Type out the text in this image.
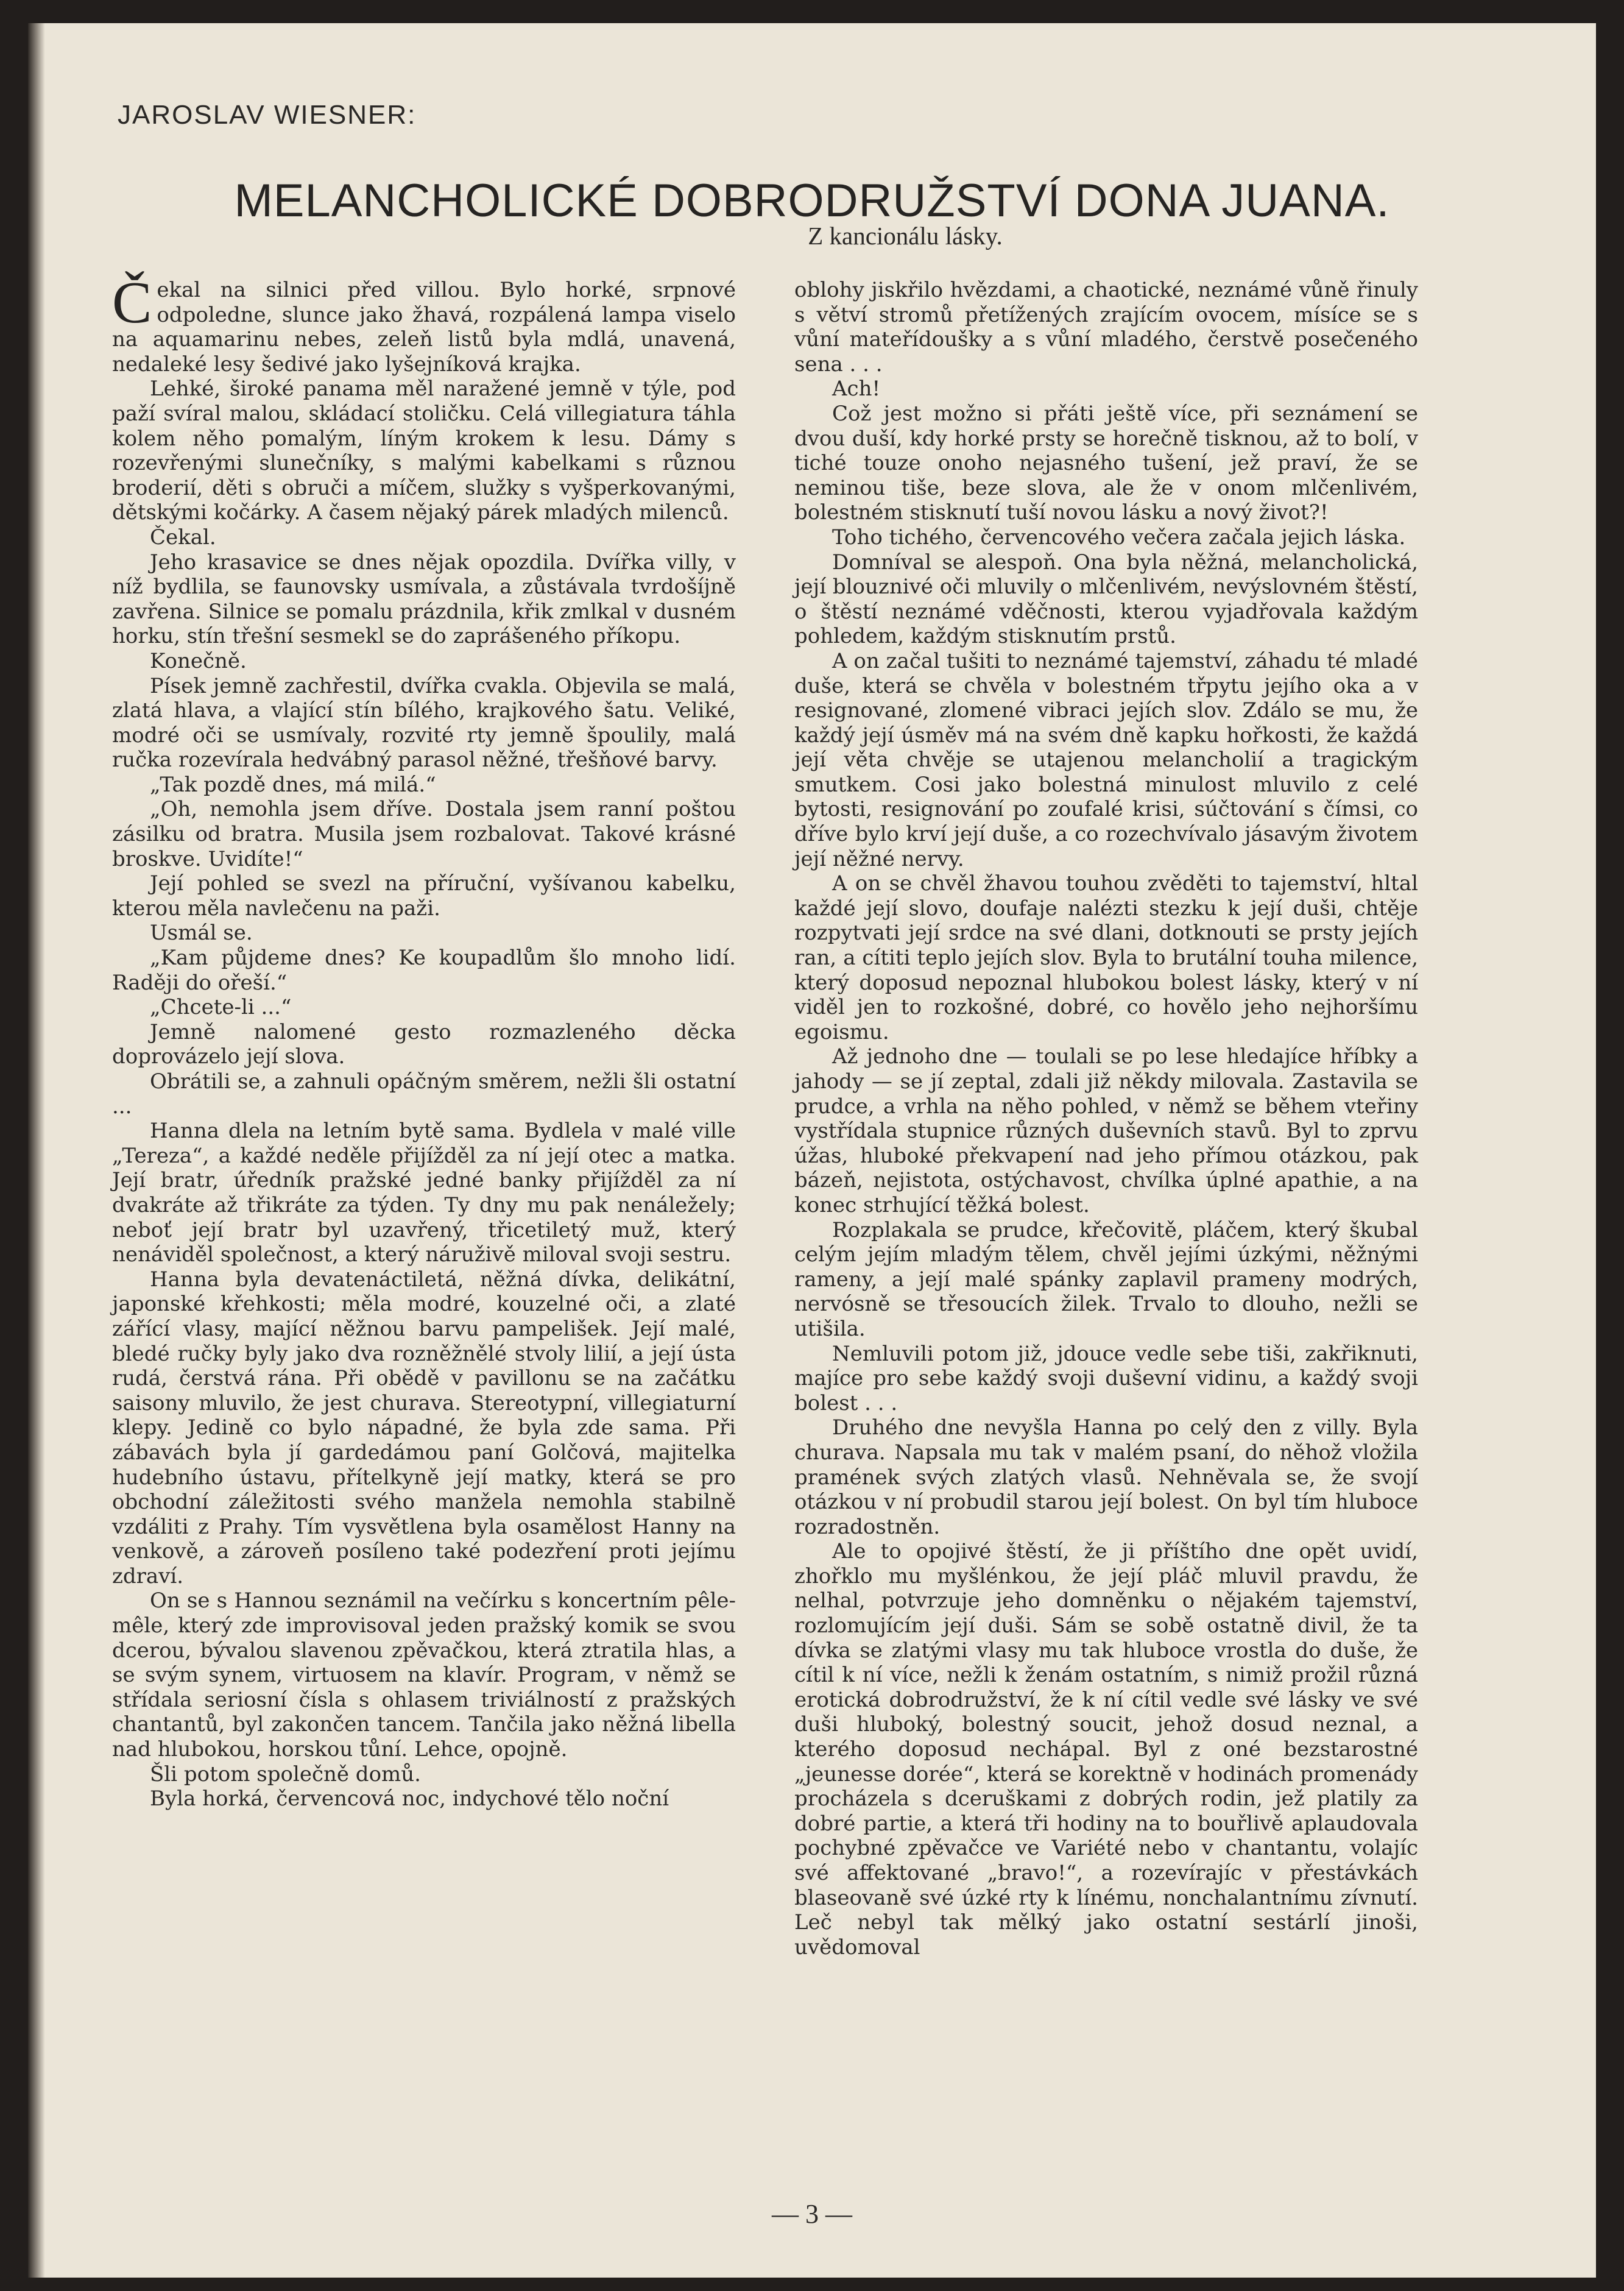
JAROSLAV WIESNER:
MELANCHOLICKÉ DOBRODRUŽSTVÍ DONA JUANA.
Z kancionálu lásky.

Čekal na silnici před villou. Bylo horké, srpnové odpoledne, slunce jako žhavá, rozpálená lampa viselo na aquamarinu nebes, zeleň listů byla mdlá, unavená, nedaleké lesy šedivé jako lyšejníková krajka.

Lehké, široké panama měl naražené jemně v týle, pod paží svíral malou, skládací stoličku. Celá villegiatura táhla kolem něho pomalým, líným krokem k lesu. Dámy s rozevřenými slunečníky, s malými kabelkami s různou broderií, děti s obruči a míčem, služky s vyšperkovanými, dětskými kočárky. A časem nějaký párek mladých milenců.

Čekal.

Jeho krasavice se dnes nějak opozdila. Dvířka villy, v níž bydlila, se faunovsky usmívala, a zůstávala tvrdošíjně zavřena. Silnice se pomalu prázdnila, křik zmlkal v dusném horku, stín třešní sesmekl se do zaprášeného příkopu.

Konečně.

Písek jemně zachřestil, dvířka cvakla. Objevila se malá, zlatá hlava, a vlající stín bílého, krajkového šatu. Veliké, modré oči se usmívaly, rozvité rty jemně špoulily, malá ručka rozevírala hedvábný parasol něžné, třešňové barvy.

„Tak pozdě dnes, má milá.“

„Oh, nemohla jsem dříve. Dostala jsem ranní poštou zásilku od bratra. Musila jsem rozbalovat. Takové krásné broskve. Uvidíte!“

Její pohled se svezl na příruční, vyšívanou kabelku, kterou měla navlečenu na paži.

Usmál se.

„Kam půjdeme dnes? Ke koupadlům šlo mnoho lidí. Raději do ořeší.“

„Chcete-li ...“

Jemně nalomené gesto rozmazleného děcka doprovázelo její slova.

Obrátili se, a zahnuli opáčným směrem, nežli šli ostatní ...

Hanna dlela na letním bytě sama. Bydlela v malé ville „Tereza“, a každé neděle přijížděl za ní její otec a matka. Její bratr, úředník pražské jedné banky přijížděl za ní dvakráte až třikráte za týden. Ty dny mu pak nenáležely; neboť její bratr byl uzavřený, třicetiletý muž, který nenáviděl společnost, a který náruživě miloval svoji sestru.

Hanna byla devatenáctiletá, něžná dívka, delikátní, japonské křehkosti; měla modré, kouzelné oči, a zlaté zářící vlasy, mající něžnou barvu pampelišek. Její malé, bledé ručky byly jako dva rozněžnělé stvoly lilií, a její ústa rudá, čerstvá rána. Při obědě v pavillonu se na začátku saisony mluvilo, že jest churava. Stereotypní, villegiaturní klepy. Jedině co bylo nápadné, že byla zde sama. Při zábavách byla jí gardedámou paní Golčová, majitelka hudebního ústavu, přítelkyně její matky, která se pro obchodní záležitosti svého manžela nemohla stabilně vzdáliti z Prahy. Tím vysvětlena byla osamělost Hanny na venkově, a zároveň posíleno také podezření proti jejímu zdraví.

On se s Hannou seznámil na večírku s koncertním pêle-mêle, který zde improvisoval jeden pražský komik se svou dcerou, bývalou slavenou zpěvačkou, která ztratila hlas, a se svým synem, virtuosem na klavír. Program, v němž se střídala seriosní čísla s ohlasem triviálností z pražských chantantů, byl zakončen tancem. Tančila jako něžná libella nad hlubokou, horskou tůní. Lehce, opojně.

Šli potom společně domů.

Byla horká, červencová noc, indychové tělo noční

oblohy jiskřilo hvězdami, a chaotické, neznámé vůně řinuly s větví stromů přetížených zrajícím ovocem, mísíce se s vůní mateřídoušky a s vůní mladého, čerstvě posečeného sena . . .

Ach!

Což jest možno si přáti ještě více, při seznámení se dvou duší, kdy horké prsty se horečně tisknou, až to bolí, v tiché touze onoho nejasného tušení, jež praví, že se neminou tiše, beze slova, ale že v onom mlčenlivém, bolestném stisknutí tuší novou lásku a nový život?!

Toho tichého, červencového večera začala jejich láska.

Domníval se alespoň. Ona byla něžná, melancholická, její blouznivé oči mluvily o mlčenlivém, nevýslovném štěstí, o štěstí neznámé vděčnosti, kterou vyjadřovala každým pohledem, každým stisknutím prstů.

A on začal tušiti to neznámé tajemství, záhadu té mladé duše, která se chvěla v bolestném třpytu jejího oka a v resignované, zlomené vibraci jejích slov. Zdálo se mu, že každý její úsměv má na svém dně kapku hořkosti, že každá její věta chvěje se utajenou melancholií a tragickým smutkem. Cosi jako bolestná minulost mluvilo z celé bytosti, resignování po zoufalé krisi, súčtování s čímsi, co dříve bylo krví její duše, a co rozechvívalo jásavým životem její něžné nervy.

A on se chvěl žhavou touhou zvěděti to tajemství, hltal každé její slovo, doufaje nalézti stezku k její duši, chtěje rozpytvati její srdce na své dlani, dotknouti se prsty jejích ran, a cítiti teplo jejích slov. Byla to brutální touha milence, který doposud nepoznal hlubokou bolest lásky, který v ní viděl jen to rozkošné, dobré, co hovělo jeho nejhoršímu egoismu.

Až jednoho dne — toulali se po lese hledajíce hříbky a jahody — se jí zeptal, zdali již někdy milovala. Zastavila se prudce, a vrhla na něho pohled, v němž se během vteřiny vystřídala stupnice různých duševních stavů. Byl to zprvu úžas, hluboké překvapení nad jeho přímou otázkou, pak bázeň, nejistota, ostýchavost, chvílka úplné apathie, a na konec strhující těžká bolest.

Rozplakala se prudce, křečovitě, pláčem, který škubal celým jejím mladým tělem, chvěl jejími úzkými, něžnými rameny, a její malé spánky zaplavil prameny modrých, nervósně se třesoucích žilek. Trvalo to dlouho, nežli se utišila.

Nemluvili potom již, jdouce vedle sebe tiši, zakřiknuti, majíce pro sebe každý svoji duševní vidinu, a každý svoji bolest . . .

Druhého dne nevyšla Hanna po celý den z villy. Byla churava. Napsala mu tak v malém psaní, do něhož vložila pramének svých zlatých vlasů. Nehněvala se, že svojí otázkou v ní probudil starou její bolest. On byl tím hluboce rozradostněn.

Ale to opojivé štěstí, že ji příštího dne opět uvidí, zhořklo mu myšlénkou, že její pláč mluvil pravdu, že nelhal, potvrzuje jeho domněnku o nějakém tajemství, rozlomujícím její duši. Sám se sobě ostatně divil, že ta dívka se zlatými vlasy mu tak hluboce vrostla do duše, že cítil k ní více, nežli k ženám ostatním, s nimiž prožil různá erotická dobrodružství, že k ní cítil vedle své lásky ve své duši hluboký, bolestný soucit, jehož dosud neznal, a kterého doposud nechápal. Byl z oné bezstarostné „jeunesse dorée“, která se korektně v hodinách promenády procházela s dceruškami z dobrých rodin, jež platily za dobré partie, a která tři hodiny na to bouřlivě aplaudovala pochybné zpěvačce ve Variété nebo v chantantu, volajíc své affektované „bravo!“, a rozevírajíc v přestávkách blaseovaně své úzké rty k línému, nonchalantnímu zívnutí. Leč nebyl tak mělký jako ostatní sestárlí jinoši, uvědomoval

— 3 —
